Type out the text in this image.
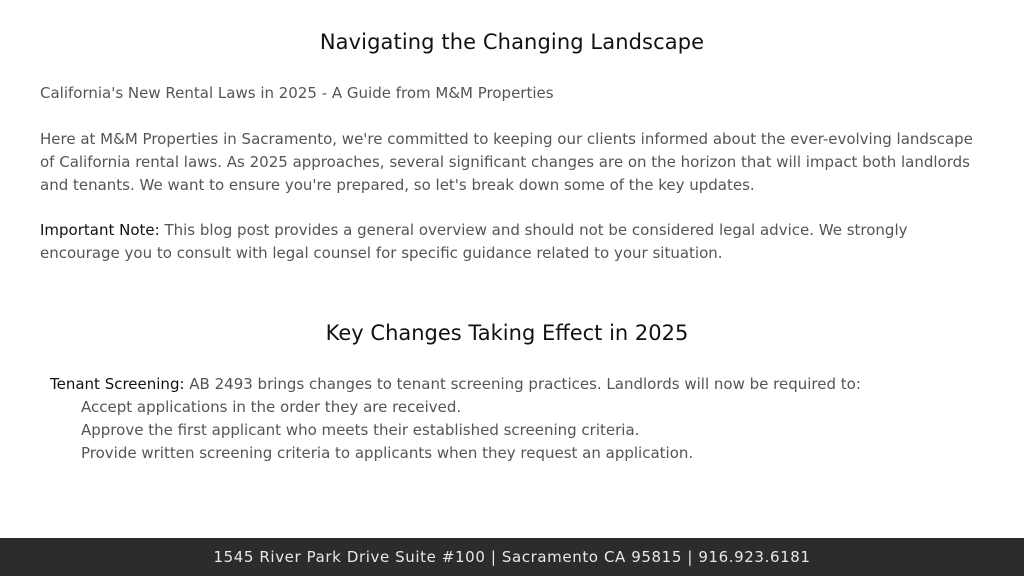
Navigating the Changing Landscape

California's New Rental Laws in 2025 - A Guide from M&M Properties

Here at M&M Properties in Sacramento, we're committed to keeping our clients informed about the ever-evolving landscape of California rental laws. As 2025 approaches, several significant changes are on the horizon that will impact both landlords and tenants. We want to ensure you're prepared, so let's break down some of the key updates.

Important Note: This blog post provides a general overview and should not be considered legal advice. We strongly encourage you to consult with legal counsel for specific guidance related to your situation.

Key Changes Taking Effect in 2025
Tenant Screening: AB 2493 brings changes to tenant screening practices. Landlords will now be required to:
Accept applications in the order they are received.
Approve the first applicant who meets their established screening criteria.
Provide written screening criteria to applicants when they request an application.
1545 River Park Drive Suite #100 | Sacramento CA 95815 | 916.923.6181
